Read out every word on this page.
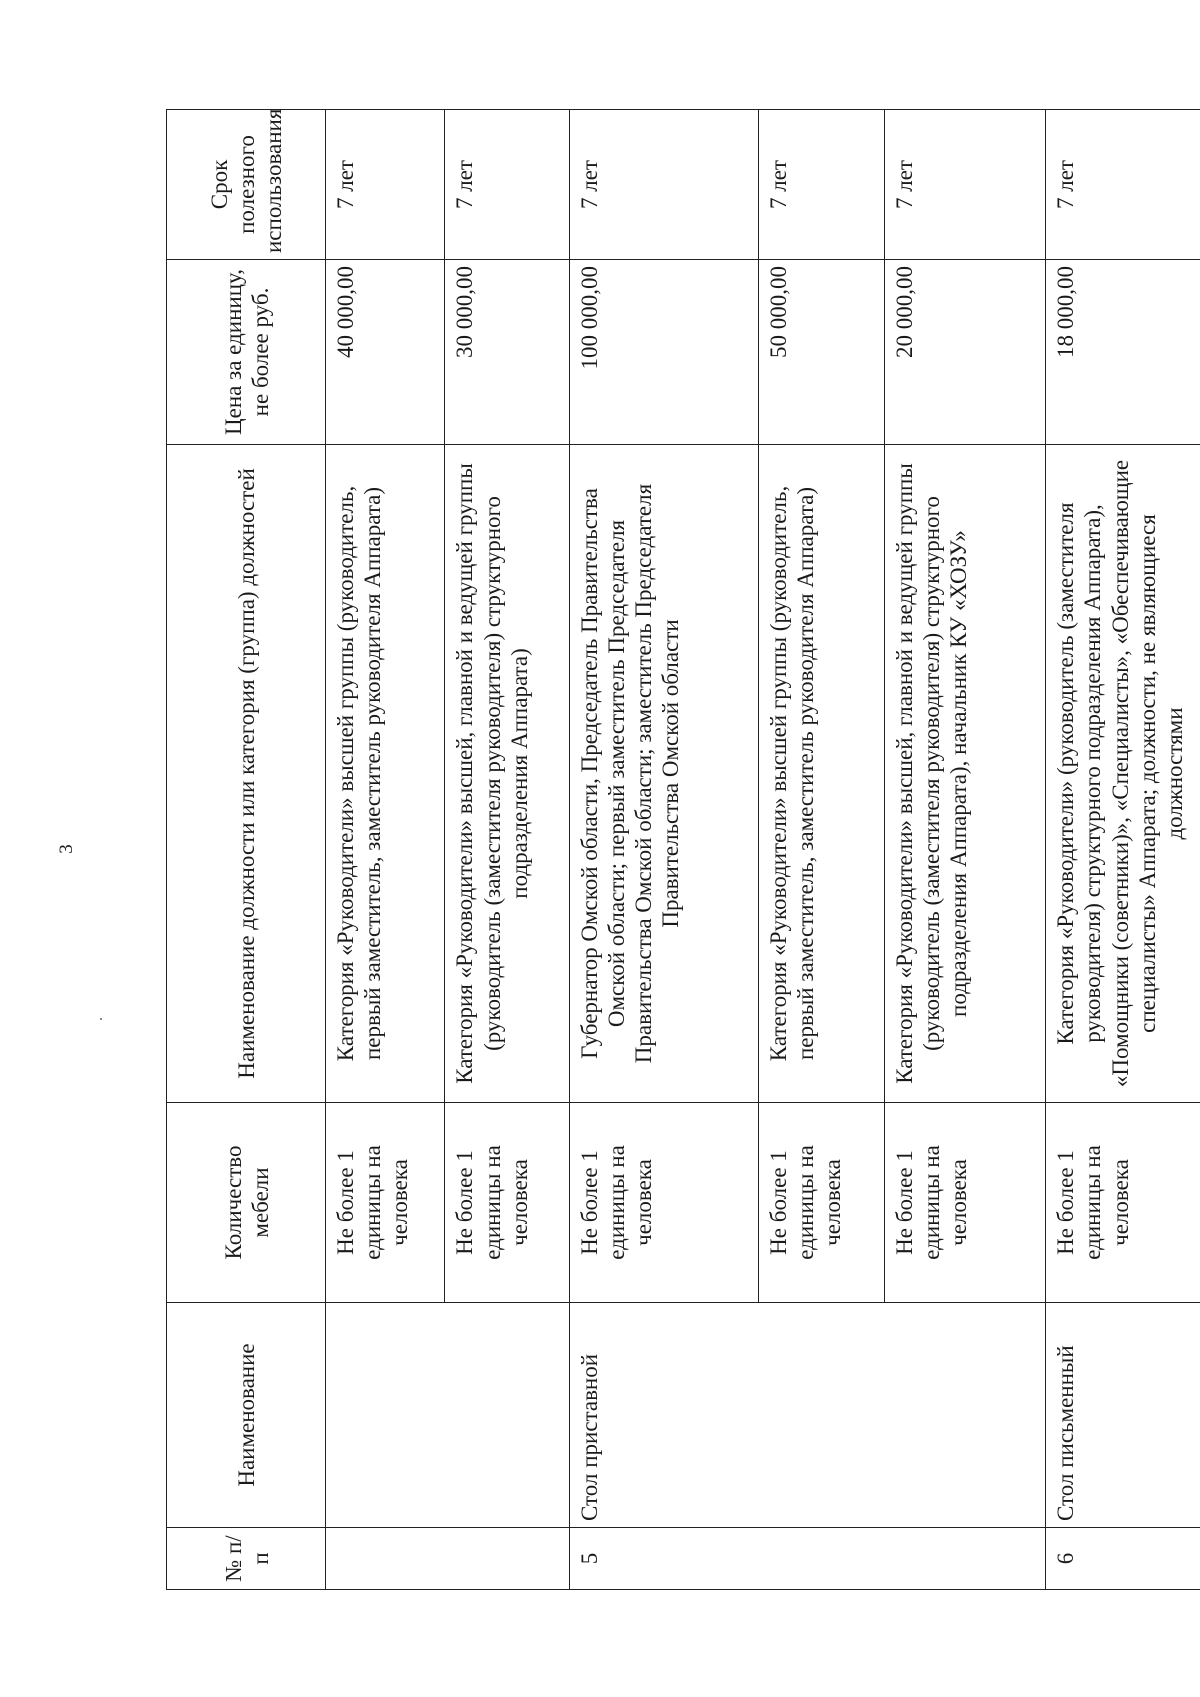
3
№ п/п	Наименование	Количество мебели	Наименование должности или категория (группа) должностей	Цена за единицу, не более руб.	Срок полезного использования
		Не более 1 единицы на человека	Категория «Руководители» высшей группы (руководитель, первый заместитель, заместитель руководителя Аппарата)	40 000,00	7 лет
		Не более 1 единицы на человека	Категория «Руководители» высшей, главной и ведущей группы (руководитель (заместителя руководителя) структурного подразделения Аппарата)	30 000,00	7 лет
5	Стол приставной	Не более 1 единицы на человека	Губернатор Омской области, Председатель Правительства Омской области; первый заместитель Председателя Правительства Омской области; заместитель Председателя Правительства Омской области	100 000,00	7 лет
		Не более 1 единицы на человека	Категория «Руководители» высшей группы (руководитель, первый заместитель, заместитель руководителя Аппарата)	50 000,00	7 лет
		Не более 1 единицы на человека	Категория «Руководители» высшей, главной и ведущей группы (руководитель (заместителя руководителя) структурного подразделения Аппарата), начальник КУ «ХОЗУ»	20 000,00	7 лет
6	Стол письменный	Не более 1 единицы на человека	Категория «Руководители» (руководитель (заместителя руководителя) структурного подразделения Аппарата), «Помощники (советники)», «Специалисты», «Обеспечивающие специалисты» Аппарата; должности, не являющиеся должностями	18 000,00	7 лет
